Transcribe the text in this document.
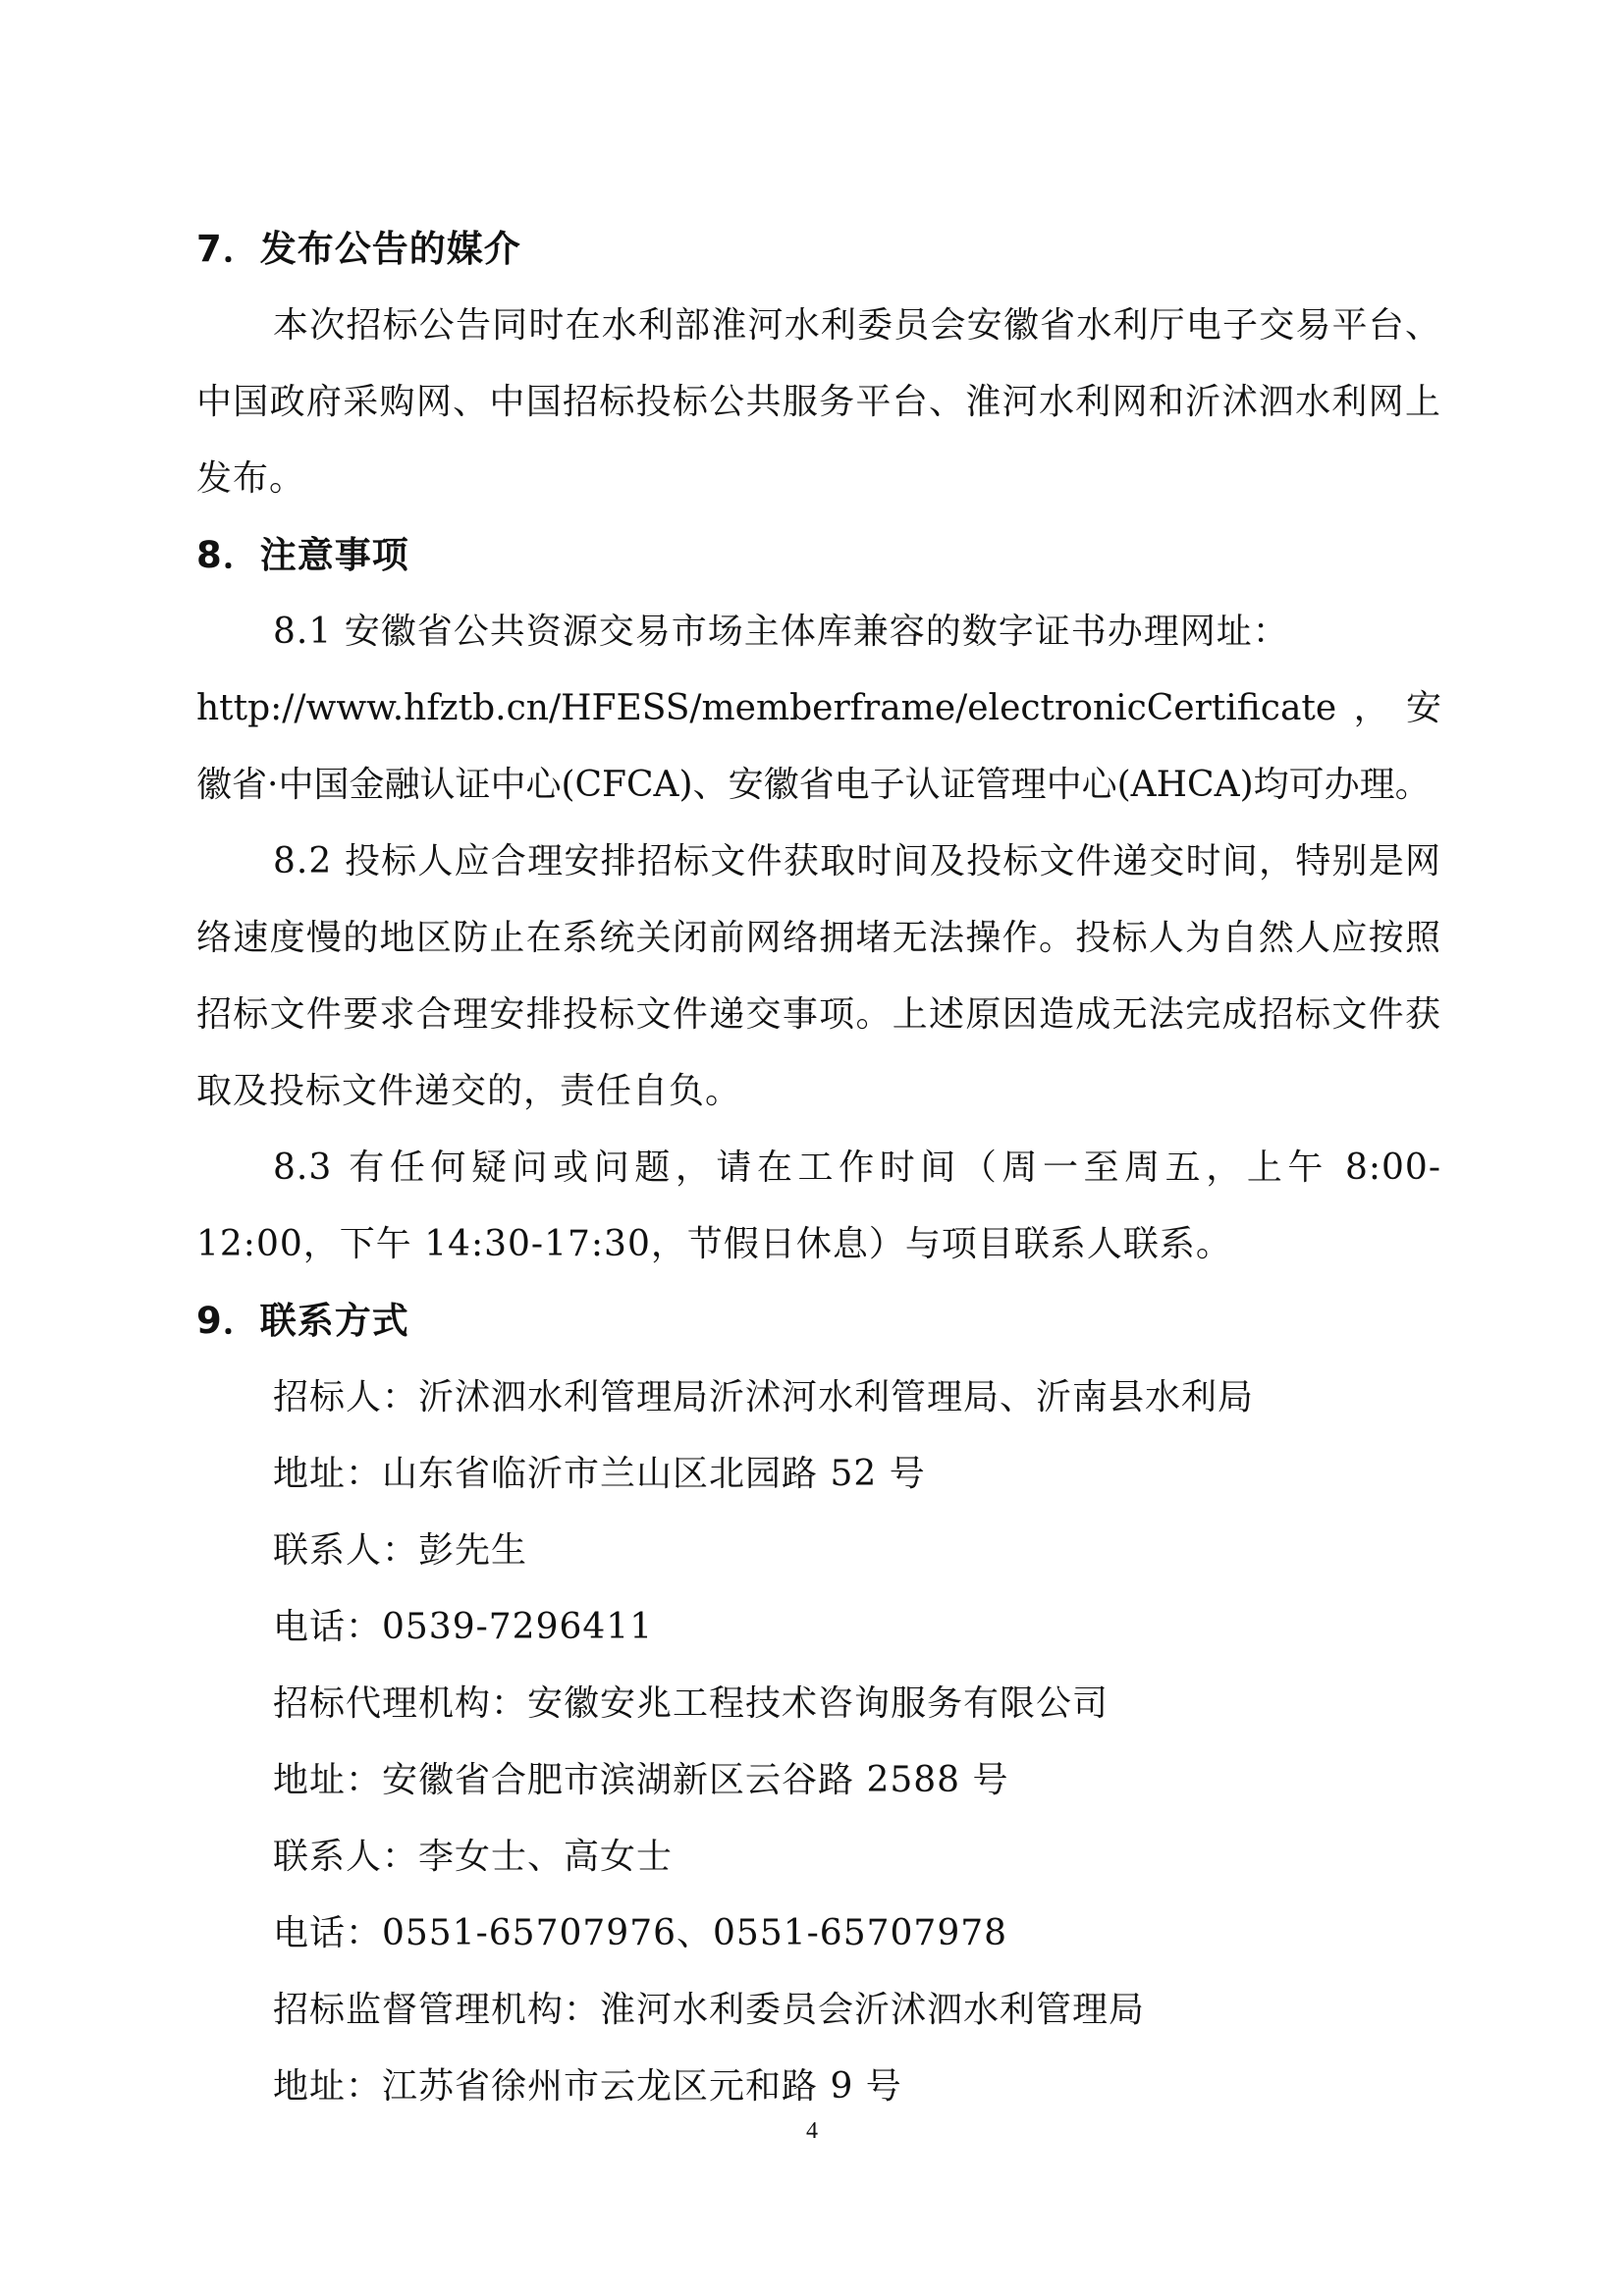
7．发布公告的媒介
本次招标公告同时在水利部淮河水利委员会安徽省水利厅电子交易平台、中国政府采购网、中国招标投标公共服务平台、淮河水利网和沂沭泗水利网上发布。
8．注意事项
8.1 安徽省公共资源交易市场主体库兼容的数字证书办理网址：
http://www.hfztb.cn/HFESS/memberframe/electronicCertificate，安徽省·中国金融认证中心(CFCA)、安徽省电子认证管理中心(AHCA)均可办理。
8.2 投标人应合理安排招标文件获取时间及投标文件递交时间，特别是网络速度慢的地区防止在系统关闭前网络拥堵无法操作。投标人为自然人应按照招标文件要求合理安排投标文件递交事项。上述原因造成无法完成招标文件获取及投标文件递交的，责任自负。
8.3 有任何疑问或问题，请在工作时间（周一至周五，上午 8:00-12:00，下午 14:30-17:30，节假日休息）与项目联系人联系。
9．联系方式
招标人：沂沭泗水利管理局沂沭河水利管理局、沂南县水利局
地址：山东省临沂市兰山区北园路 52 号
联系人：彭先生
电话：0539-7296411
招标代理机构：安徽安兆工程技术咨询服务有限公司
地址：安徽省合肥市滨湖新区云谷路 2588 号
联系人：李女士、高女士
电话：0551-65707976、0551-65707978
招标监督管理机构：淮河水利委员会沂沭泗水利管理局
地址：江苏省徐州市云龙区元和路 9 号
4
